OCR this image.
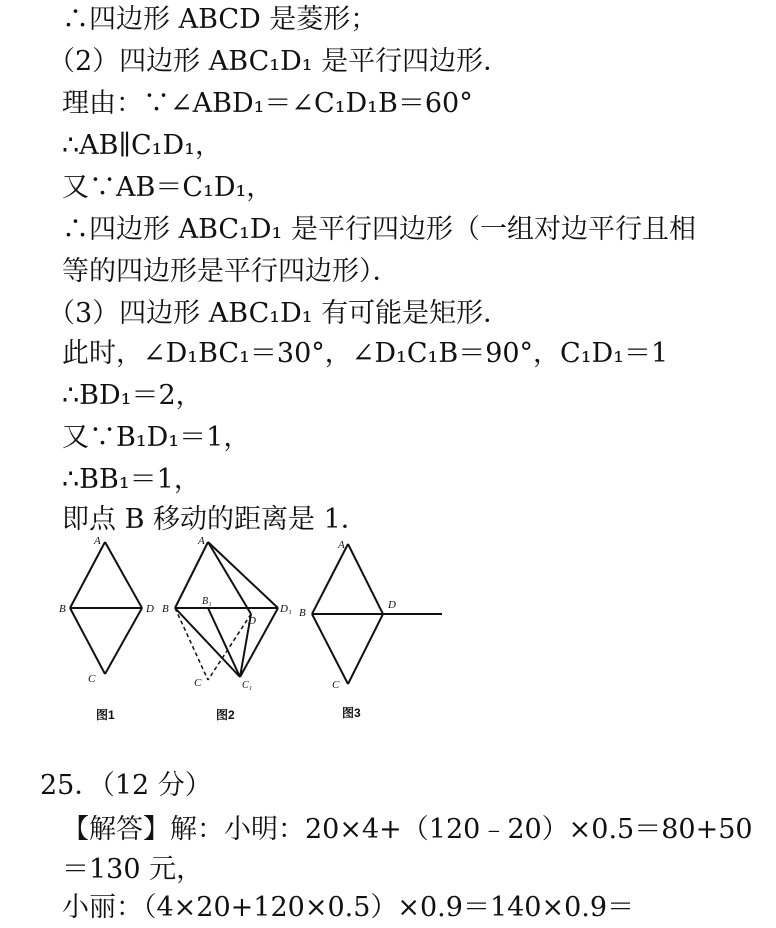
∴四边形 ABCD 是菱形；
（2）四边形 ABC₁D₁ 是平行四边形．
理由：∵∠ABD₁＝∠C₁D₁B＝60°
∴AB∥C₁D₁，
又∵AB＝C₁D₁，
∴四边形 ABC₁D₁ 是平行四边形（一组对边平行且相
等的四边形是平行四边形）．
（3）四边形 ABC₁D₁ 有可能是矩形．
此时，∠D₁BC₁＝30°，∠D₁C₁B＝90°，C₁D₁＝1
∴BD₁＝2，
又∵B₁D₁＝1，
∴BB₁＝1，
即点 B 移动的距离是 1．
A
B	D
C
A
B
B₁
D₁
D
C	C₁
A
B
D
C
图1	图2	图3
25．（12 分）
【解答】解：小明：20×4+（120﹣20）×0.5＝80+50
＝130 元，
小丽：（4×20+120×0.5）×0.9＝140×0.9＝
